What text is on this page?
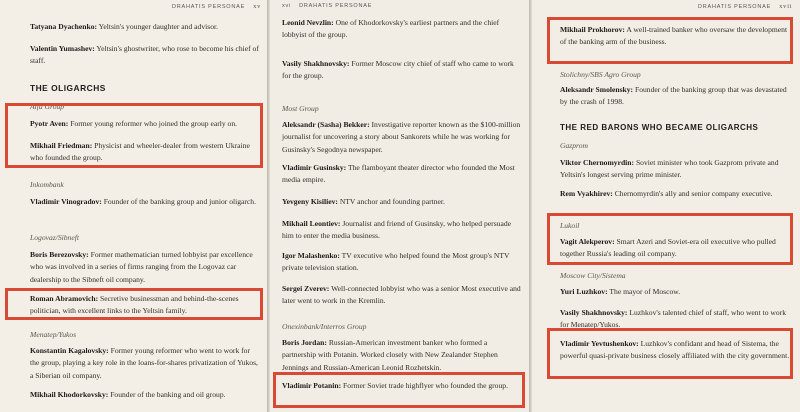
DRAHATIS PERSONAE xv

Tatyana Dyachenko: Yeltsin's younger daughter and advisor.

Valentin Yumashev: Yeltsin's ghostwriter, who rose to become his chief of staff.

THE OLIGARCHS
Alfa Group

Pyotr Aven: Former young reformer who joined the group early on.

Mikhail Friedman: Physicist and wheeler-dealer from western Ukraine who founded the group.

Inkombank

Vladimir Vinogradov: Founder of the banking group and junior oligarch.

Logovaz/Sibneft

Boris Berezovsky: Former mathematician turned lobbyist par excellence who was involved in a series of firms ranging from the Logovaz car dealership to the Sibneft oil company.

Roman Abramovich: Secretive businessman and behind-the-scenes politician, with excellent links to the Yeltsin family.

Menatep/Yukos

Konstantin Kagalovsky: Former young reformer who went to work for the group, playing a key role in the loans-for-shares privatization of Yukos, a Siberian oil company.

Mikhail Khodorkovsky: Founder of the banking and oil group.

xvi DRAHATIS PERSONAE

Leonid Nevzlin: One of Khodorkovsky's earliest partners and the chief lobbyist of the group.

Vasily Shakhnovsky: Former Moscow city chief of staff who came to work for the group.

Most Group

Aleksandr (Sasha) Bekker: Investigative reporter known as the $100-million journalist for uncovering a story about Sankorets while he was working for Gusinsky's Segodnya newspaper.

Vladimir Gusinsky: The flamboyant theater director who founded the Most media empire.

Yevgeny Kisiliev: NTV anchor and founding partner.

Mikhail Leontiev: Journalist and friend of Gusinsky, who helped persuade him to enter the media business.

Igor Malashenko: TV executive who helped found the Most group's NTV private television station.

Sergei Zverev: Well-connected lobbyist who was a senior Most executive and later went to work in the Kremlin.

Onexinbank/Interros Group

Boris Jordan: Russian-American investment banker who formed a partnership with Potanin. Worked closely with New Zealander Stephen Jennings and Russian-American Leonid Rozhetskin.

Vladimir Potanin: Former Soviet trade highflyer who founded the group.

DRAHATIS PERSONAE xvii

Mikhail Prokhorov: A well-trained banker who oversaw the development of the banking arm of the business.

Stolichny/SBS Agro Group

Aleksandr Smolensky: Founder of the banking group that was devastated by the crash of 1998.

THE RED BARONS WHO BECAME OLIGARCHS
Gazprom

Viktor Chernomyrdin: Soviet minister who took Gazprom private and Yeltsin's longest serving prime minister.

Rem Vyakhirev: Chernomyrdin's ally and senior company executive.

Lukoil

Vagit Alekperov: Smart Azeri and Soviet-era oil executive who pulled together Russia's leading oil company.

Moscow City/Sistema

Yuri Luzhkov: The mayor of Moscow.

Vasily Shakhnovsky: Luzhkov's talented chief of staff, who went to work for Menatep/Yukos.

Vladimir Yevtushenkov: Luzhkov's confidant and head of Sistema, the powerful quasi-private business closely affiliated with the city government.
